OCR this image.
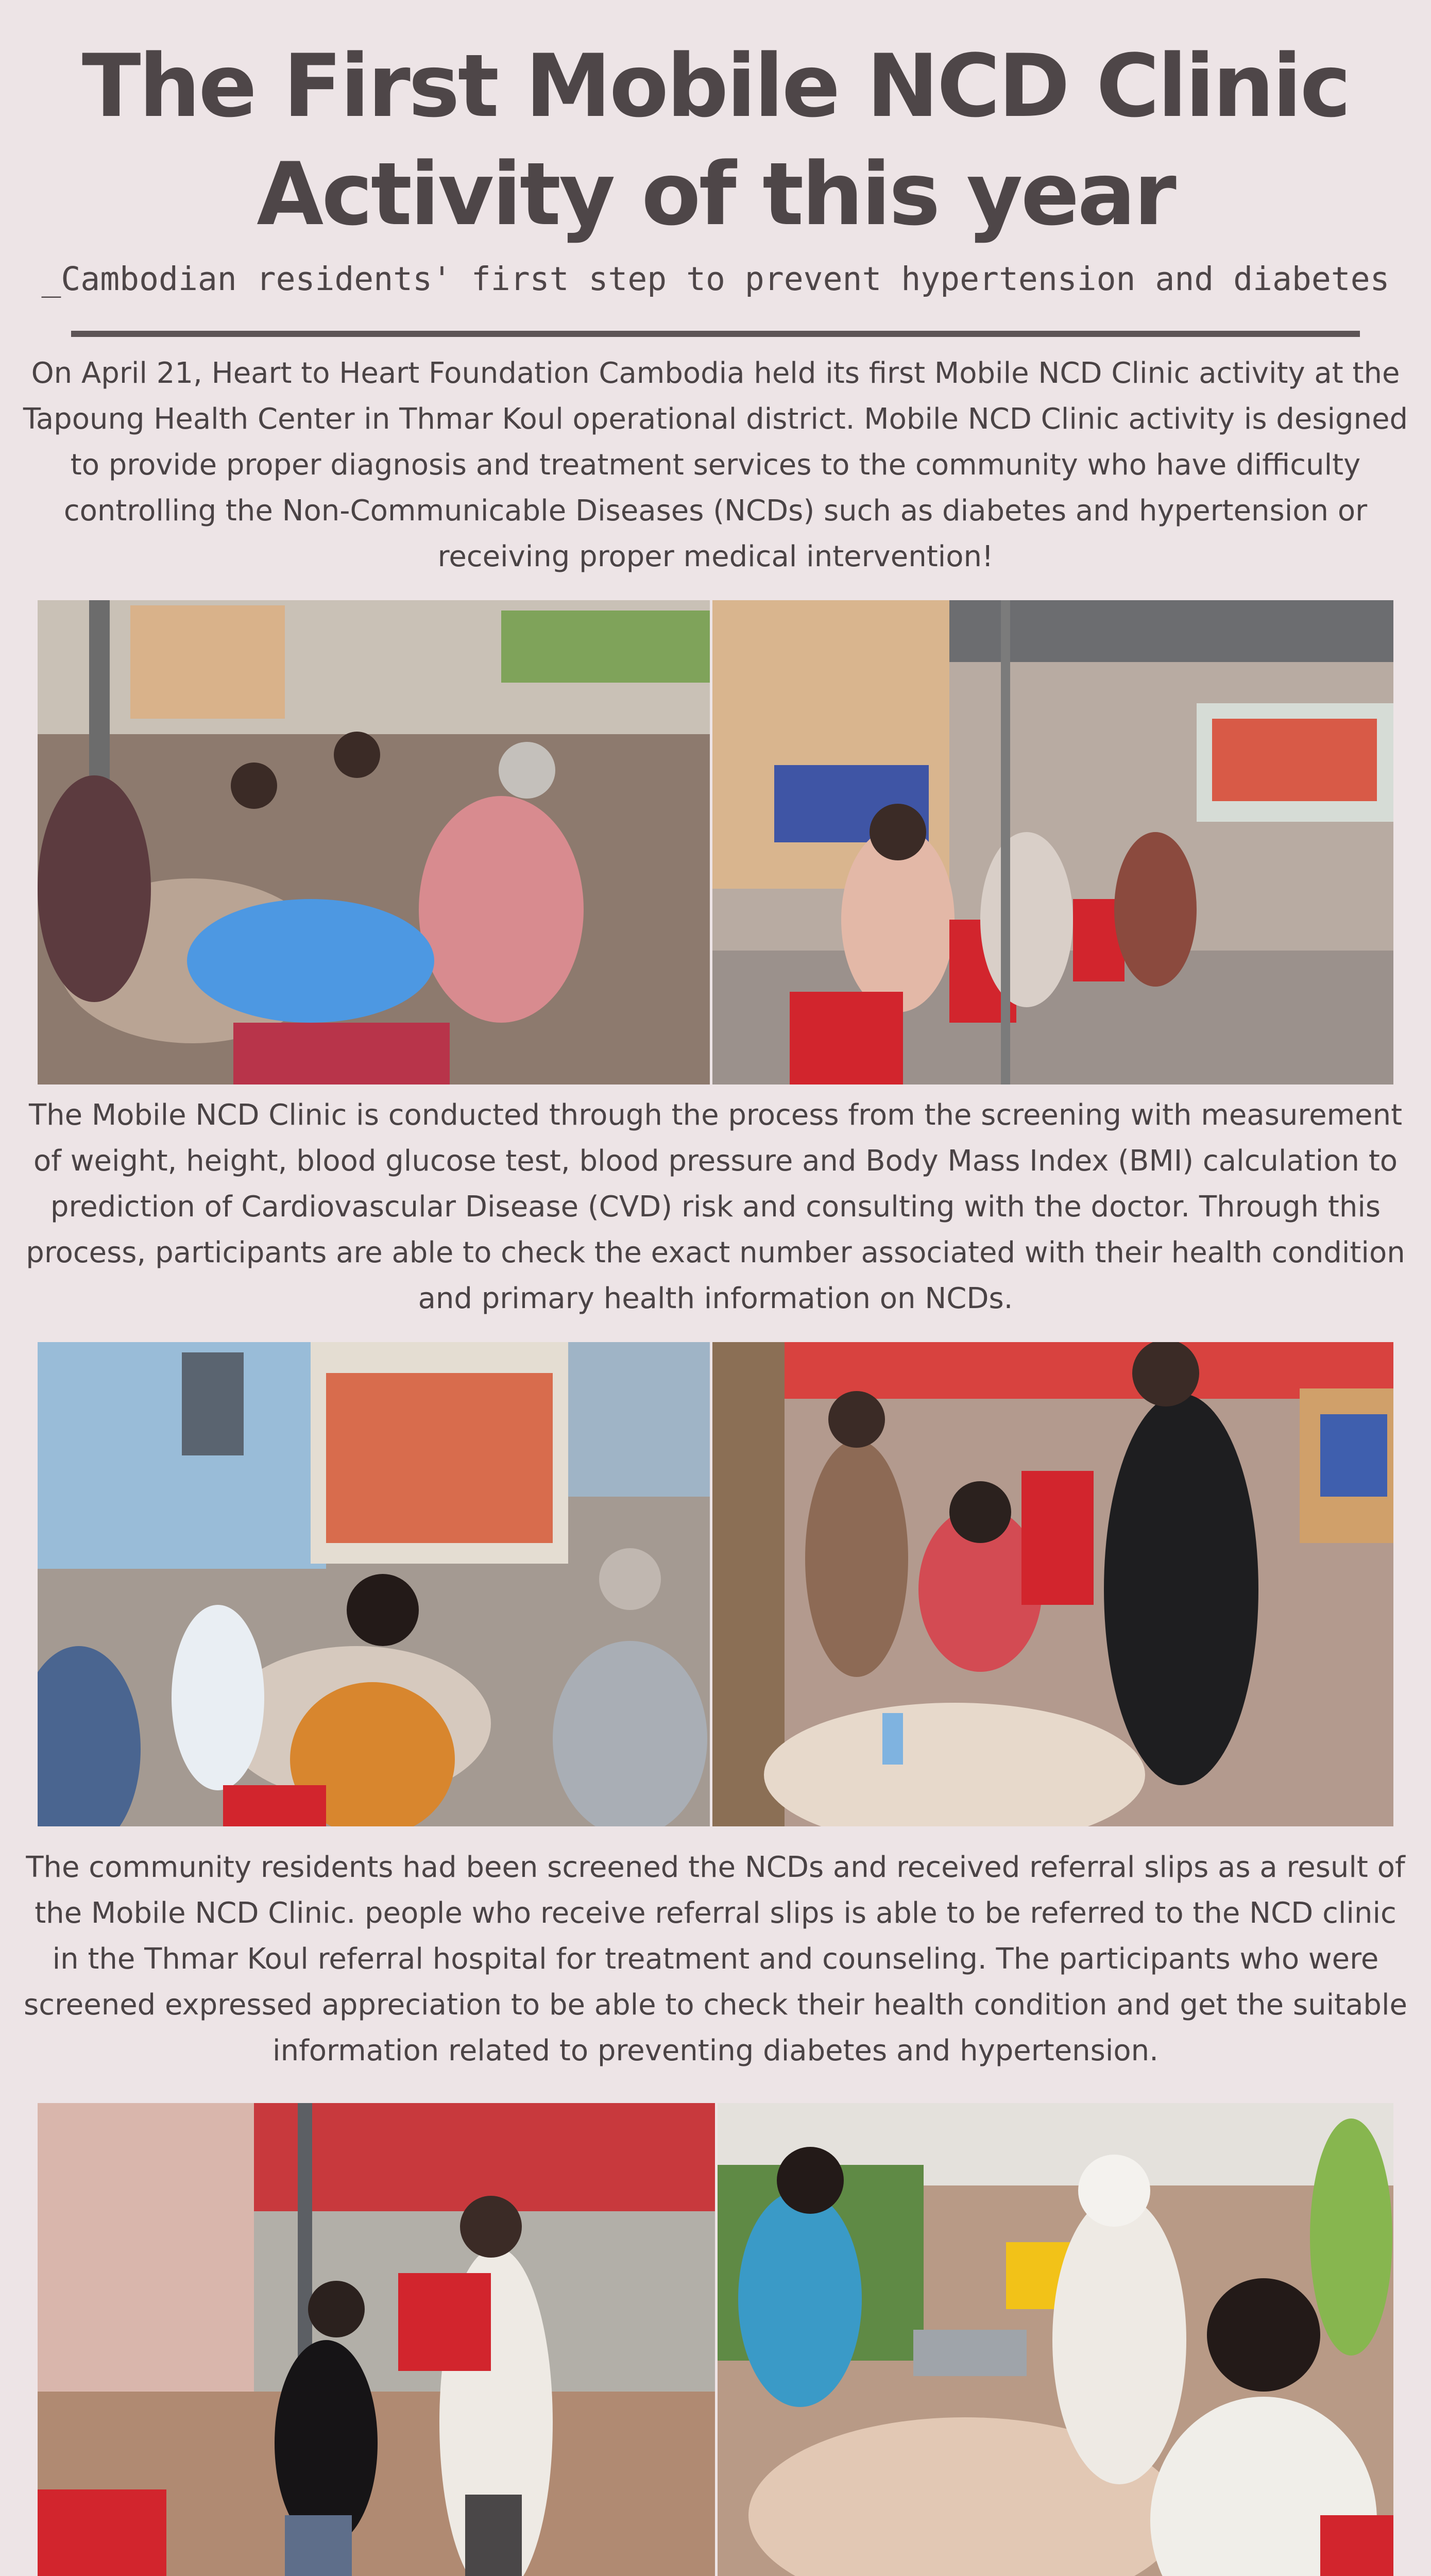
The First Mobile NCD Clinic
Activity of this year
_Cambodian residents' first step to prevent hypertension and diabetes
On April 21, Heart to Heart Foundation Cambodia held its first Mobile NCD Clinic activity at the Tapoung Health Center in Thmar Koul operational district. Mobile NCD Clinic activity is designed to provide proper diagnosis and treatment services to the community who have difficulty controlling the Non-Communicable Diseases (NCDs) such as diabetes and hypertension or receiving proper medical intervention!
The Mobile NCD Clinic is conducted through the process from the screening with measurement of weight, height, blood glucose test, blood pressure and Body Mass Index (BMI) calculation to prediction of Cardiovascular Disease (CVD) risk and consulting with the doctor. Through this process, participants are able to check the exact number associated with their health condition and primary health information on NCDs.
The community residents had been screened the NCDs and received referral slips as a result of the Mobile NCD Clinic. people who receive referral slips is able to be referred to the NCD clinic in the Thmar Koul referral hospital for treatment and counseling. The participants who were screened expressed appreciation to be able to check their health condition and get the suitable information related to preventing diabetes and hypertension.
